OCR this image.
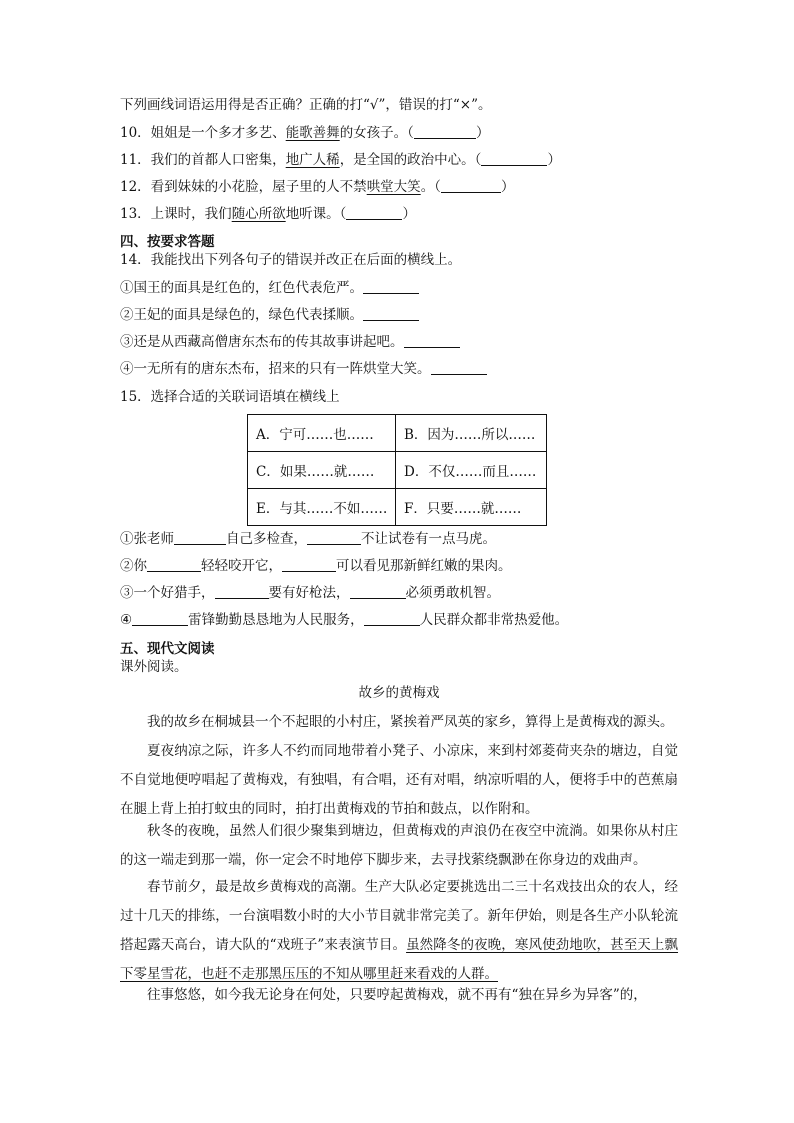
下列画线词语运用得是否正确？正确的打“√”，错误的打“×”。
10．姐姐是一个多才多艺、能歌善舞的女孩子。（	）
11．我们的首都人口密集，地广人稀，是全国的政治中心。（	）
12．看到妹妹的小花脸，屋子里的人不禁哄堂大笑。（	）
13．上课时，我们随心所欲地听课。（	）
四、按要求答题
14．我能找出下列各句子的错误并改正在后面的横线上。
①国王的面具是红色的，红色代表危严。
②王妃的面具是绿色的，绿色代表揉顺。
③还是从西藏高僧唐东杰布的传其故事讲起吧。
④一无所有的唐东杰布，招来的只有一阵烘堂大笑。
15．选择合适的关联词语填在横线上
A．宁可……也……	B．因为……所以……
C．如果……就……	D．不仅……而且……
E．与其……不如……	F．只要……就……
①张老师	自己多检查，	不让试卷有一点马虎。
②你	轻轻咬开它，	可以看见那新鲜红嫩的果肉。
③一个好猎手，	要有好枪法，	必须勇敢机智。
④	雷锋勤勤恳恳地为人民服务，	人民群众都非常热爱他。
五、现代文阅读
课外阅读。
故乡的黄梅戏
我的故乡在桐城县一个不起眼的小村庄，紧挨着严凤英的家乡，算得上是黄梅戏的源头。
夏夜纳凉之际，许多人不约而同地带着小凳子、小凉床，来到村郊菱荷夹杂的塘边，自觉不自觉地便哼唱起了黄梅戏，有独唱，有合唱，还有对唱，纳凉听唱的人，便将手中的芭蕉扇在腿上背上拍打蚊虫的同时，拍打出黄梅戏的节拍和鼓点，以作附和。
秋冬的夜晚，虽然人们很少聚集到塘边，但黄梅戏的声浪仍在夜空中流淌。如果你从村庄的这一端走到那一端，你一定会不时地停下脚步来，去寻找萦绕飘渺在你身边的戏曲声。
春节前夕，最是故乡黄梅戏的高潮。生产大队必定要挑选出二三十名戏技出众的农人，经过十几天的排练，一台演唱数小时的大小节目就非常完美了。新年伊始，则是各生产小队轮流搭起露天高台，请大队的“戏班子”来表演节目。虽然降冬的夜晚，寒风使劲地吹，甚至天上飘下零星雪花，也赶不走那黑压压的不知从哪里赶来看戏的人群。
往事悠悠，如今我无论身在何处，只要哼起黄梅戏，就不再有“独在异乡为异客”的，
